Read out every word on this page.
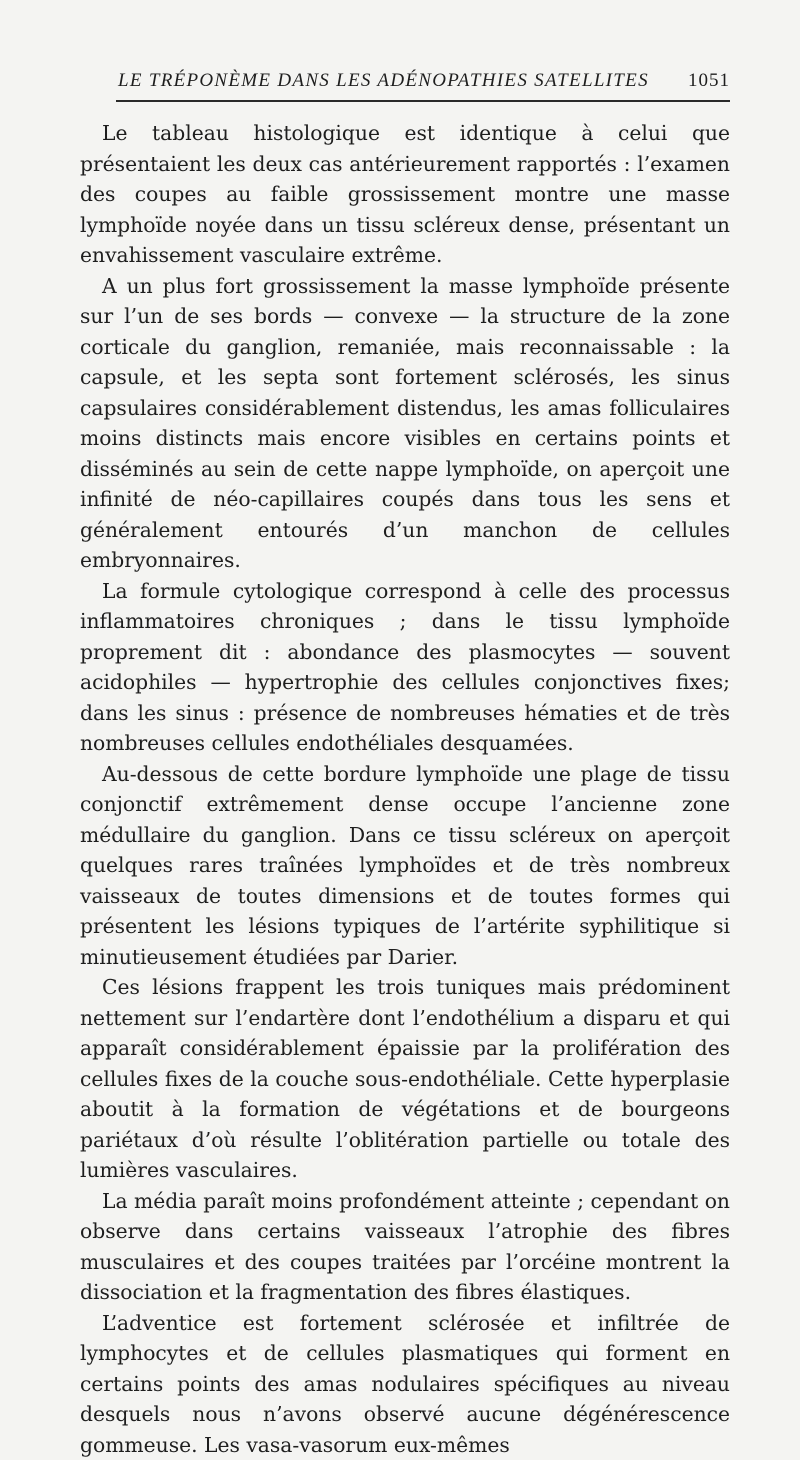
LE TRÉPONÈME DANS LES ADÉNOPATHIES SATELLITES 1051

Le tableau histologique est identique à celui que présentaient les deux cas antérieurement rapportés : l’examen des coupes au faible grossissement montre une masse lymphoïde noyée dans un tissu scléreux dense, présentant un envahissement vasculaire extrême.

A un plus fort grossissement la masse lymphoïde présente sur l’un de ses bords — convexe — la structure de la zone corticale du ganglion, remaniée, mais reconnaissable : la capsule, et les septa sont fortement sclérosés, les sinus capsulaires considérablement distendus, les amas folliculaires moins distincts mais encore visibles en certains points et disséminés au sein de cette nappe lymphoïde, on aperçoit une infinité de néo-capillaires coupés dans tous les sens et généralement entourés d’un manchon de cellules embryonnaires.

La formule cytologique correspond à celle des processus inflammatoires chroniques ; dans le tissu lymphoïde proprement dit : abondance des plasmocytes — souvent acidophiles — hypertrophie des cellules conjonctives fixes; dans les sinus : présence de nombreuses hématies et de très nombreuses cellules endothéliales desquamées.

Au-dessous de cette bordure lymphoïde une plage de tissu conjonctif extrêmement dense occupe l’ancienne zone médullaire du ganglion. Dans ce tissu scléreux on aperçoit quelques rares traînées lymphoïdes et de très nombreux vaisseaux de toutes dimensions et de toutes formes qui présentent les lésions typiques de l’artérite syphilitique si minutieusement étudiées par Darier.

Ces lésions frappent les trois tuniques mais prédominent nettement sur l’endartère dont l’endothélium a disparu et qui apparaît considérablement épaissie par la prolifération des cellules fixes de la couche sous-endothéliale. Cette hyperplasie aboutit à la formation de végétations et de bourgeons pariétaux d’où résulte l’oblitération partielle ou totale des lumières vasculaires.

La média paraît moins profondément atteinte ; cependant on observe dans certains vaisseaux l’atrophie des fibres musculaires et des coupes traitées par l’orcéine montrent la dissociation et la fragmentation des fibres élastiques.

L’adventice est fortement sclérosée et infiltrée de lymphocytes et de cellules plasmatiques qui forment en certains points des amas nodulaires spécifiques au niveau desquels nous n’avons observé aucune dégénérescence gommeuse. Les vasa-vasorum eux-mêmes
